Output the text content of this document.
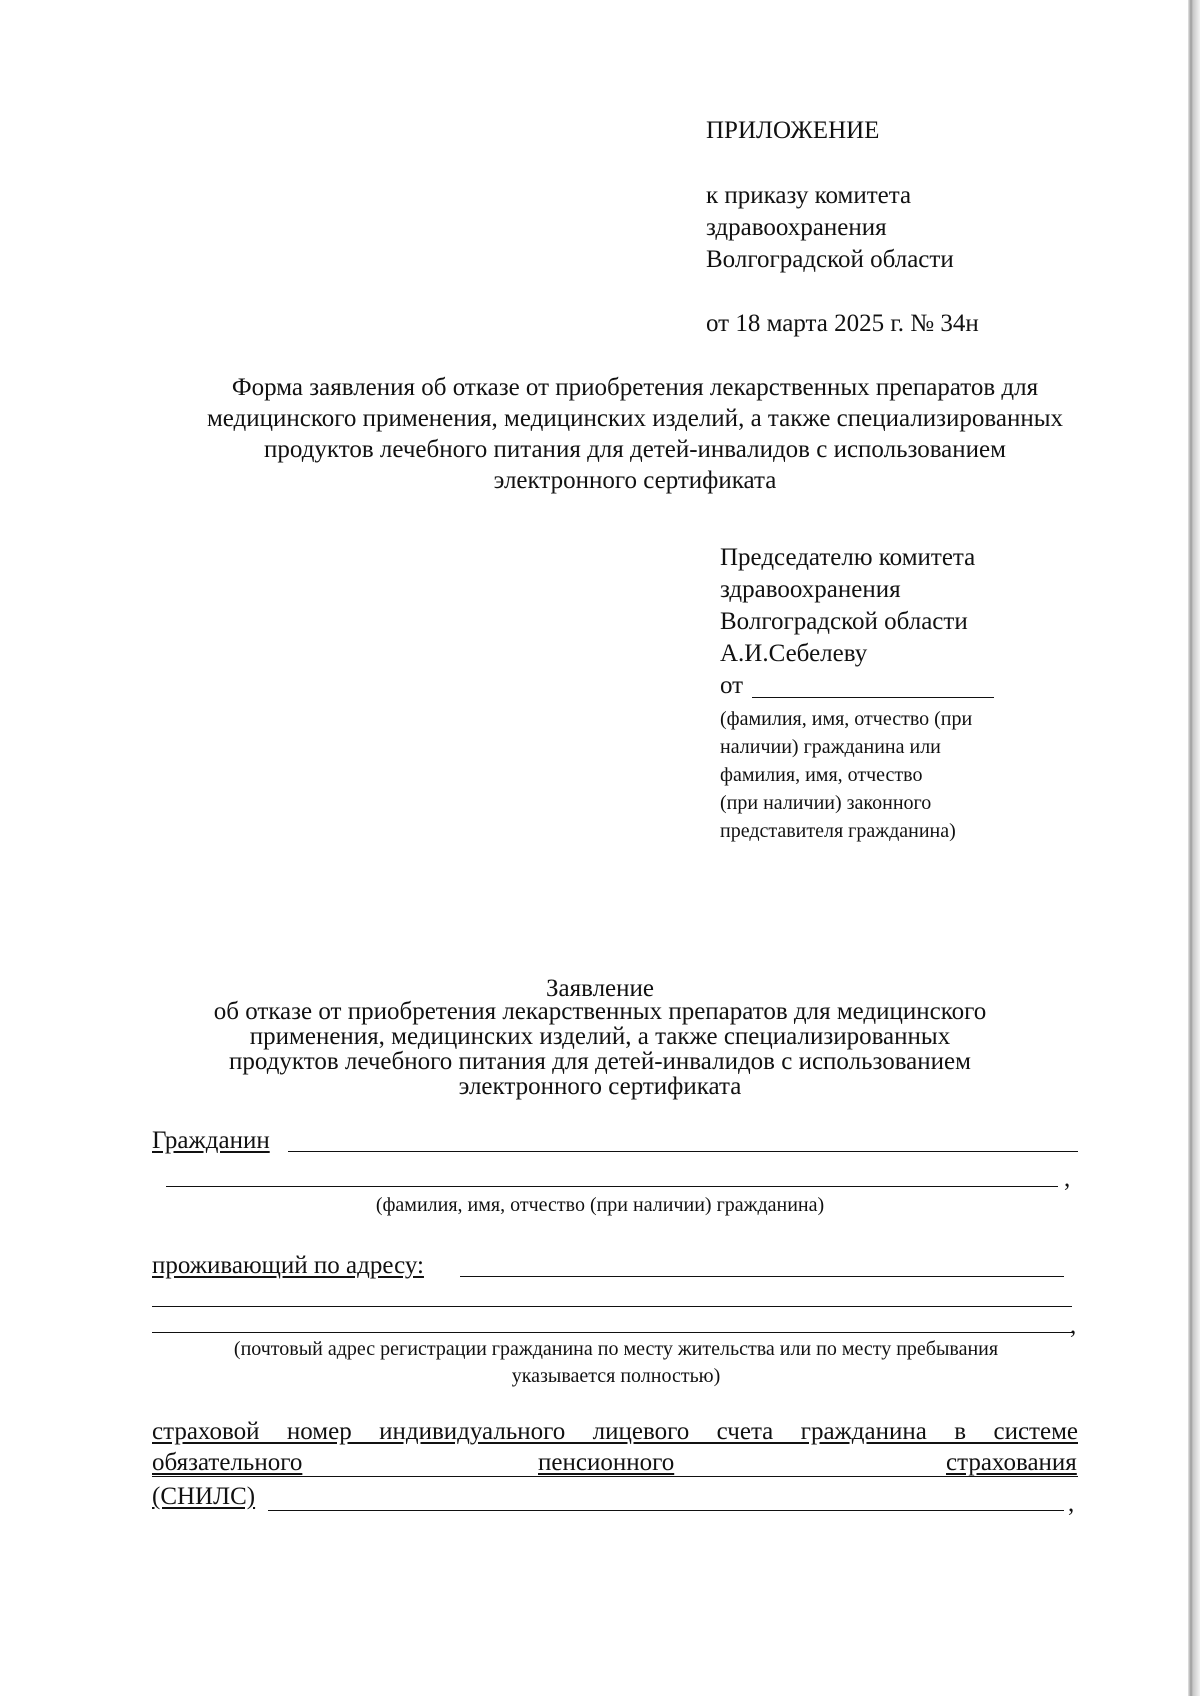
ПРИЛОЖЕНИЕ
к приказу комитета
здравоохранения
Волгоградской области
от 18 марта 2025 г. № 34н
Форма заявления об отказе от приобретения лекарственных препаратов для медицинского применения, медицинских изделий, а также специализированных продуктов лечебного питания для детей-инвалидов с использованием электронного сертификата
Председателю комитета
здравоохранения
Волгоградской области
А.И.Себелеву
от
(фамилия, имя, отчество (при
наличии) гражданина или
фамилия, имя, отчество
(при наличии) законного
представителя гражданина)
Заявление
об отказе от приобретения лекарственных препаратов для медицинского
применения, медицинских изделий, а также специализированных
продуктов лечебного питания для детей-инвалидов с использованием
электронного сертификата
Гражданин
,
(фамилия, имя, отчество (при наличии) гражданина)
проживающий по адресу:
,
(почтовый адрес регистрации гражданина по месту жительства или по месту пребывания
указывается полностью)
страховой номер индивидуального лицевого счета гражданина в системе
обязательного	пенсионного	страхования
(СНИЛС)	,
